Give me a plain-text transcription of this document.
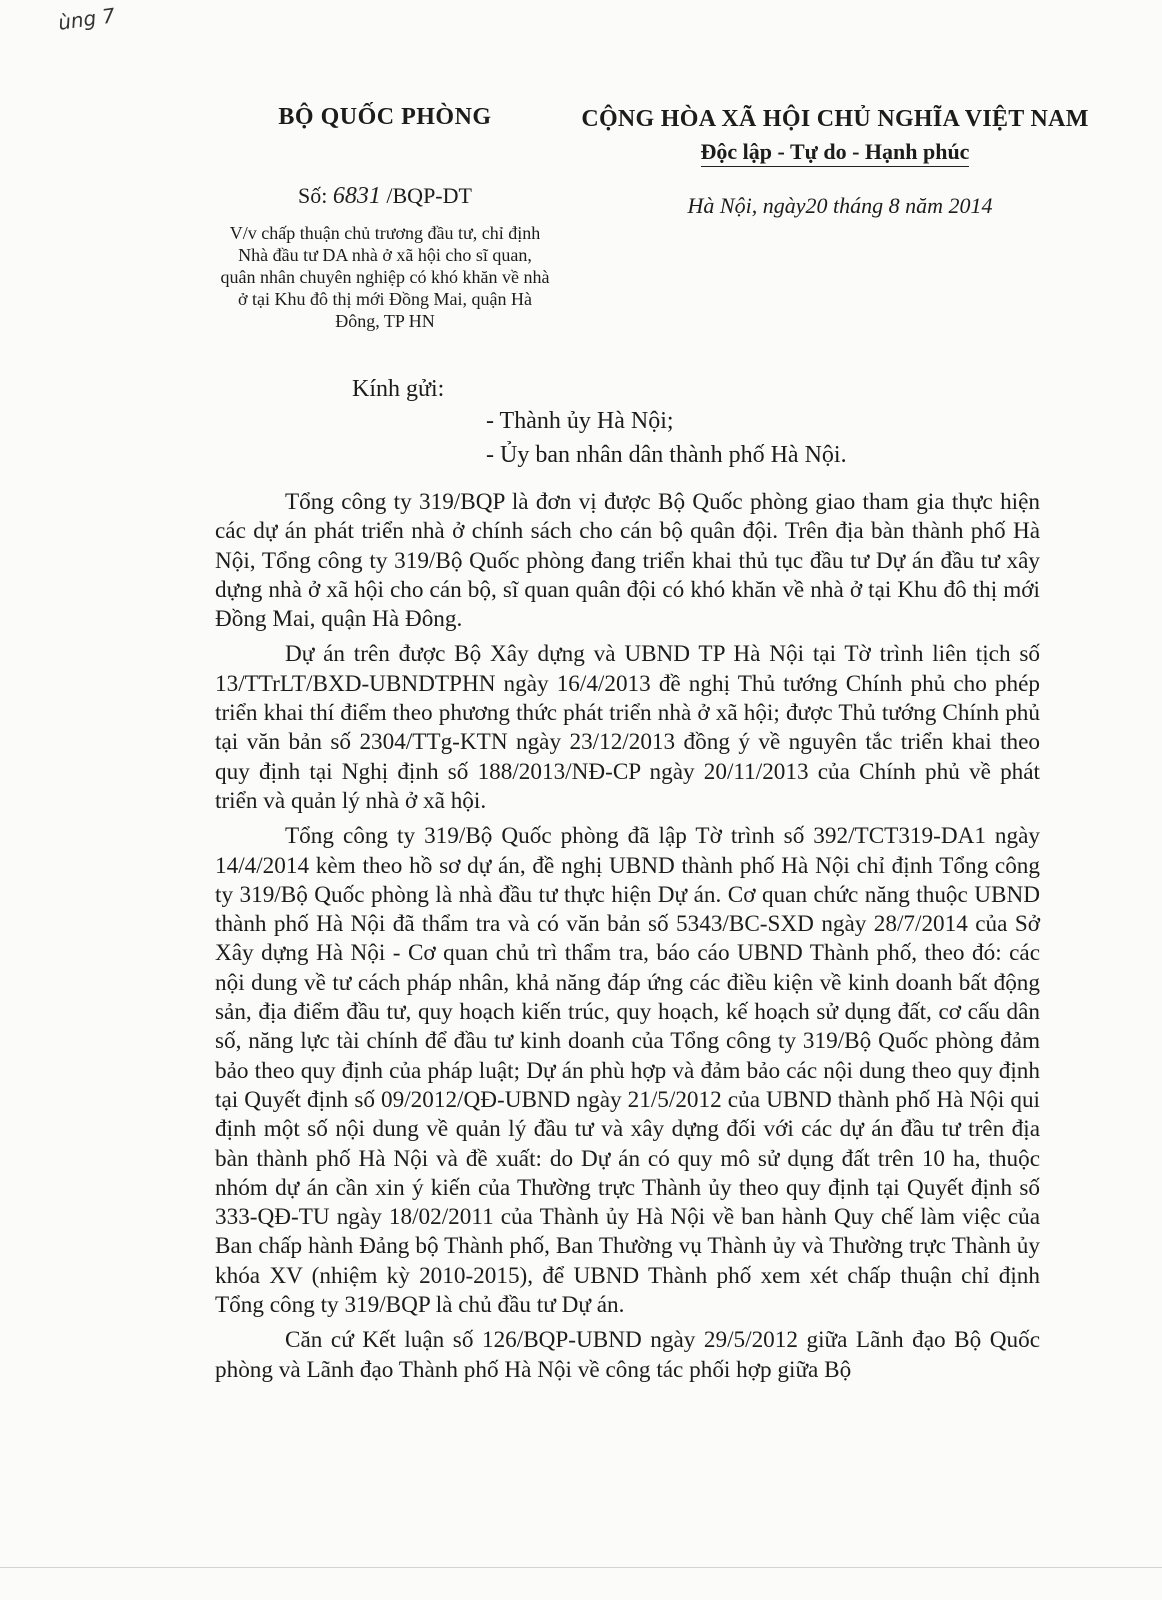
ùng 7
BỘ QUỐC PHÒNG
Số: 6831 /BQP-DT
V/v chấp thuận chủ trương đầu tư, chỉ định Nhà đầu tư DA nhà ở xã hội cho sĩ quan, quân nhân chuyên nghiệp có khó khăn về nhà ở tại Khu đô thị mới Đồng Mai, quận Hà Đông, TP HN
CỘNG HÒA XÃ HỘI CHỦ NGHĨA VIỆT NAM
Độc lập - Tự do - Hạnh phúc
Hà Nội, ngày20 tháng 8 năm 2014
Kính gửi:
- Thành ủy Hà Nội;
- Ủy ban nhân dân thành phố Hà Nội.

Tổng công ty 319/BQP là đơn vị được Bộ Quốc phòng giao tham gia thực hiện các dự án phát triển nhà ở chính sách cho cán bộ quân đội. Trên địa bàn thành phố Hà Nội, Tổng công ty 319/Bộ Quốc phòng đang triển khai thủ tục đầu tư Dự án đầu tư xây dựng nhà ở xã hội cho cán bộ, sĩ quan quân đội có khó khăn về nhà ở tại Khu đô thị mới Đồng Mai, quận Hà Đông.

Dự án trên được Bộ Xây dựng và UBND TP Hà Nội tại Tờ trình liên tịch số 13/TTrLT/BXD-UBNDTPHN ngày 16/4/2013 đề nghị Thủ tướng Chính phủ cho phép triển khai thí điểm theo phương thức phát triển nhà ở xã hội; được Thủ tướng Chính phủ tại văn bản số 2304/TTg-KTN ngày 23/12/2013 đồng ý về nguyên tắc triển khai theo quy định tại Nghị định số 188/2013/NĐ-CP ngày 20/11/2013 của Chính phủ về phát triển và quản lý nhà ở xã hội.

Tổng công ty 319/Bộ Quốc phòng đã lập Tờ trình số 392/TCT319-DA1 ngày 14/4/2014 kèm theo hồ sơ dự án, đề nghị UBND thành phố Hà Nội chỉ định Tổng công ty 319/Bộ Quốc phòng là nhà đầu tư thực hiện Dự án. Cơ quan chức năng thuộc UBND thành phố Hà Nội đã thẩm tra và có văn bản số 5343/BC-SXD ngày 28/7/2014 của Sở Xây dựng Hà Nội - Cơ quan chủ trì thẩm tra, báo cáo UBND Thành phố, theo đó: các nội dung về tư cách pháp nhân, khả năng đáp ứng các điều kiện về kinh doanh bất động sản, địa điểm đầu tư, quy hoạch kiến trúc, quy hoạch, kế hoạch sử dụng đất, cơ cấu dân số, năng lực tài chính để đầu tư kinh doanh của Tổng công ty 319/Bộ Quốc phòng đảm bảo theo quy định của pháp luật; Dự án phù hợp và đảm bảo các nội dung theo quy định tại Quyết định số 09/2012/QĐ-UBND ngày 21/5/2012 của UBND thành phố Hà Nội qui định một số nội dung về quản lý đầu tư và xây dựng đối với các dự án đầu tư trên địa bàn thành phố Hà Nội và đề xuất: do Dự án có quy mô sử dụng đất trên 10 ha, thuộc nhóm dự án cần xin ý kiến của Thường trực Thành ủy theo quy định tại Quyết định số 333-QĐ-TU ngày 18/02/2011 của Thành ủy Hà Nội về ban hành Quy chế làm việc của Ban chấp hành Đảng bộ Thành phố, Ban Thường vụ Thành ủy và Thường trực Thành ủy khóa XV (nhiệm kỳ 2010-2015), để UBND Thành phố xem xét chấp thuận chỉ định Tổng công ty 319/BQP là chủ đầu tư Dự án.

Căn cứ Kết luận số 126/BQP-UBND ngày 29/5/2012 giữa Lãnh đạo Bộ Quốc phòng và Lãnh đạo Thành phố Hà Nội về công tác phối hợp giữa Bộ
